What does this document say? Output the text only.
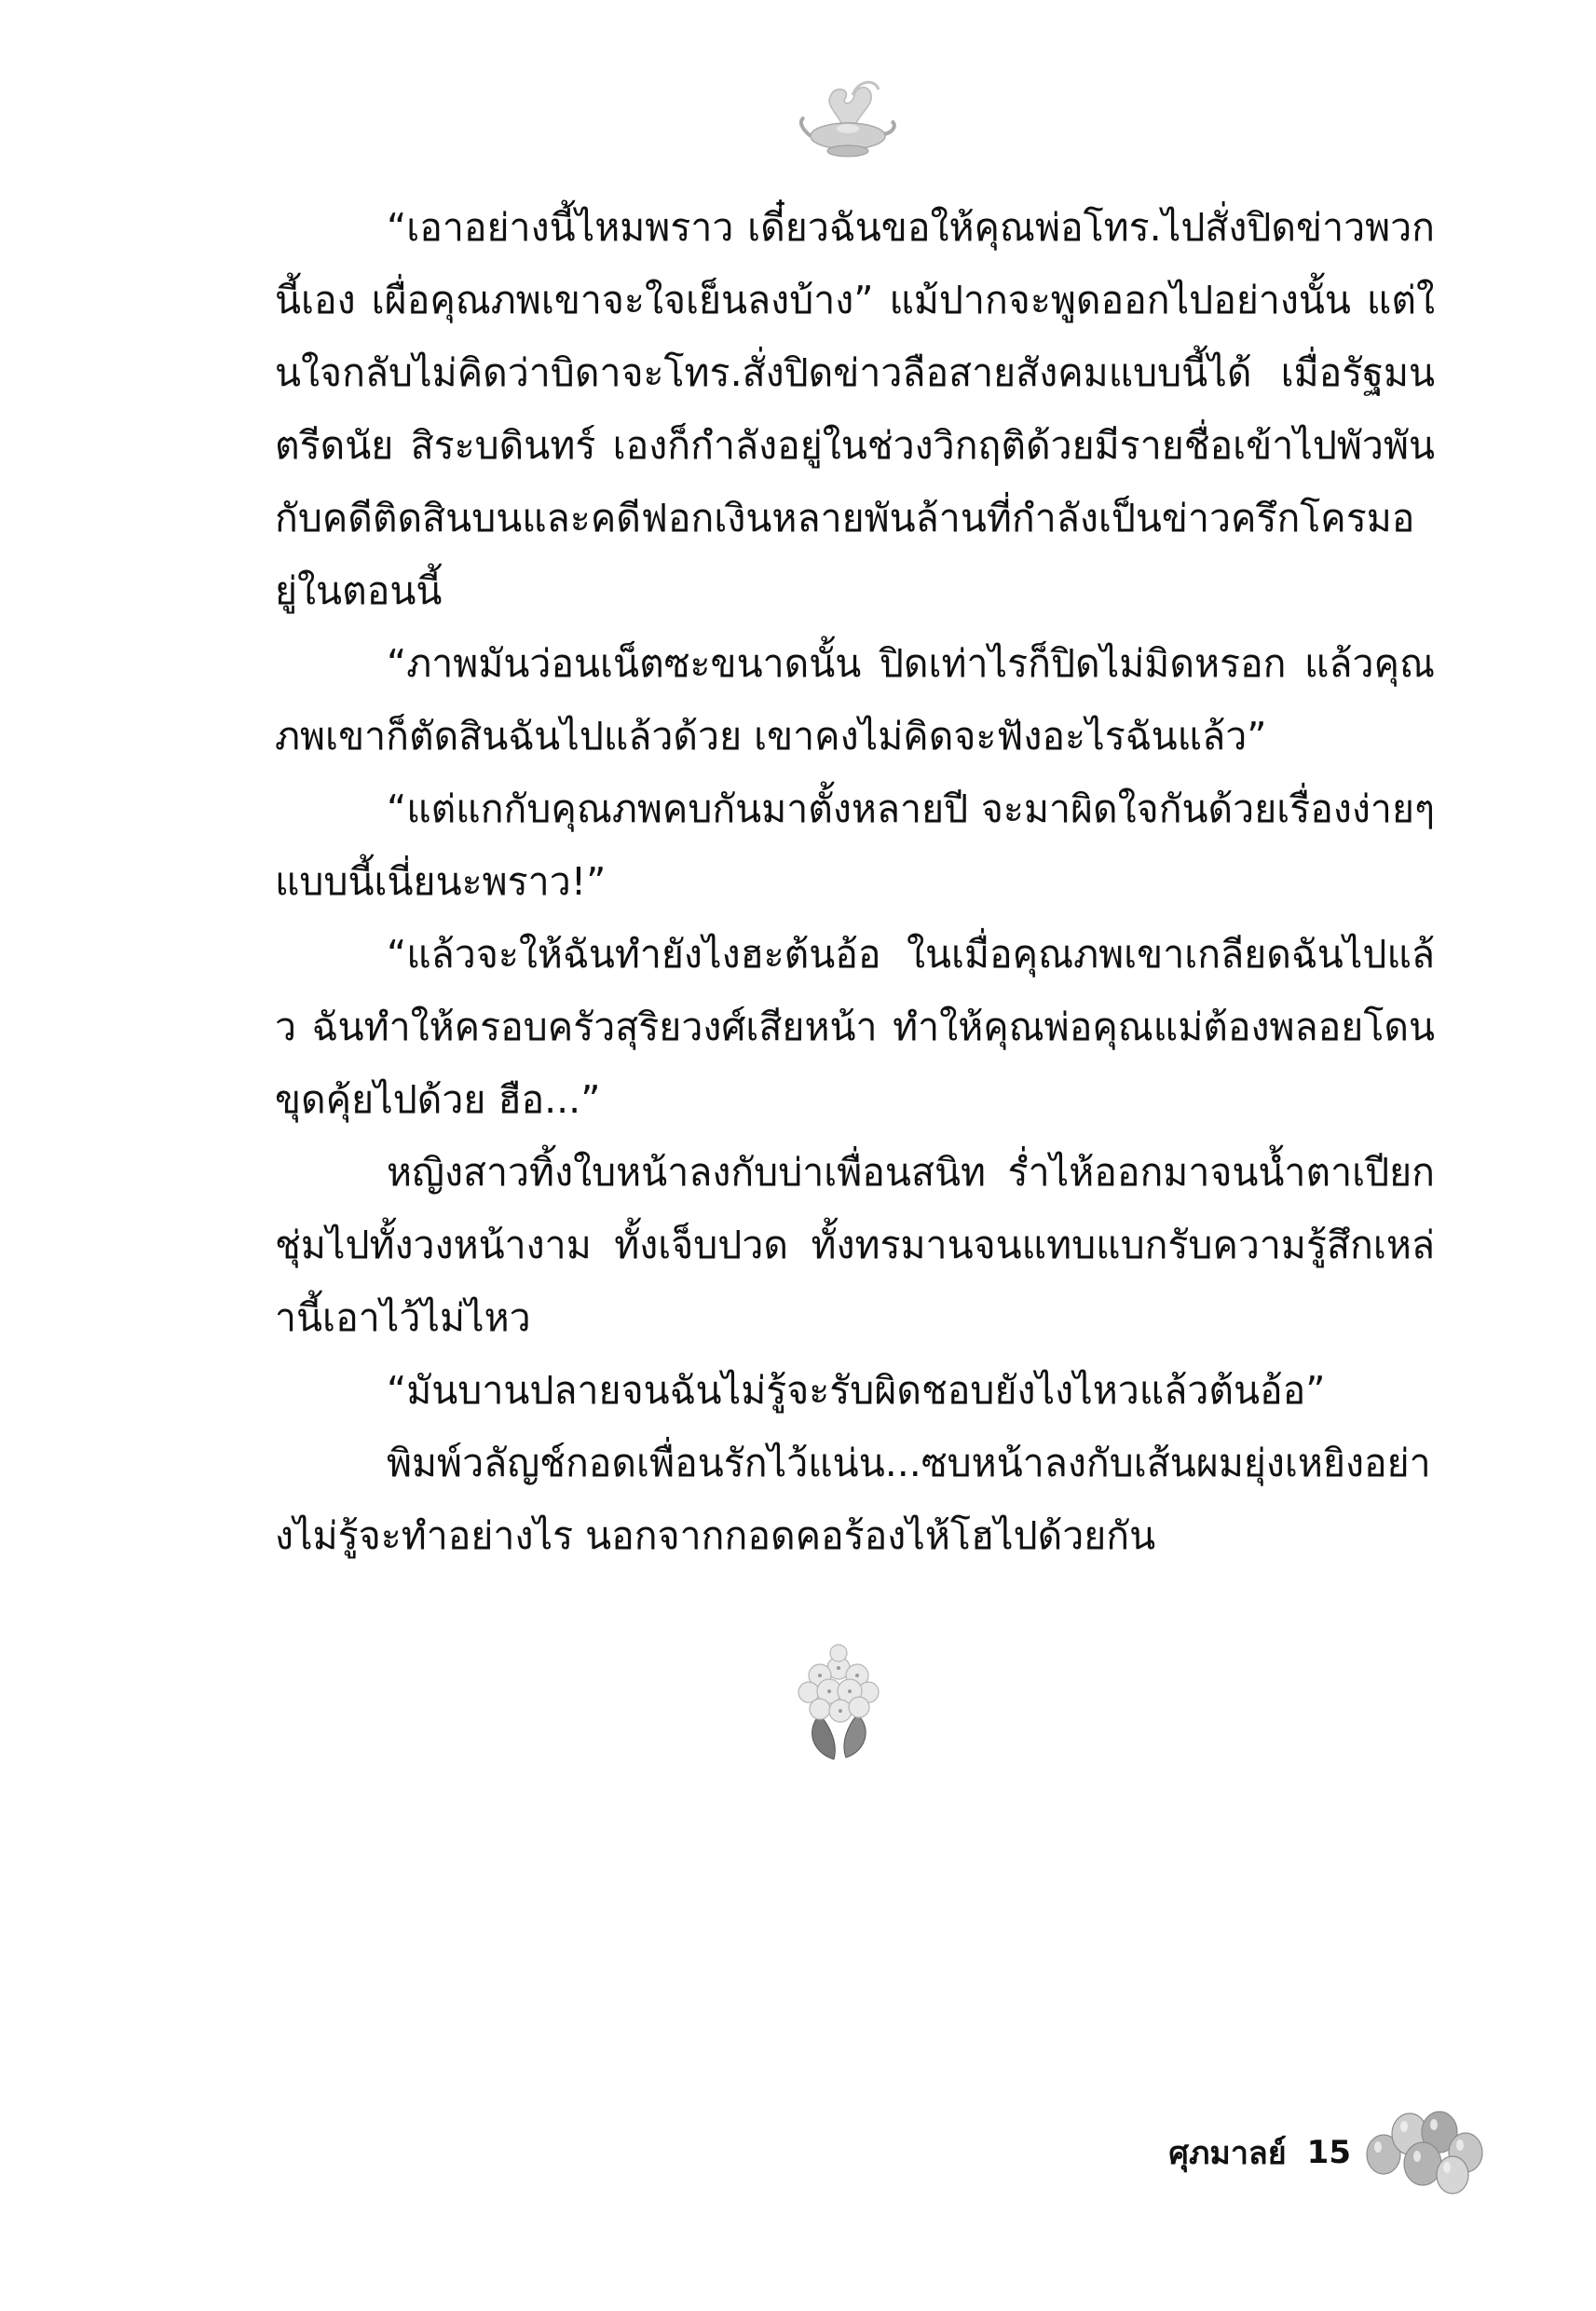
“เอาอย่างนี้ไหมพราว เดี๋ยวฉันขอให้คุณพ่อโทร.ไปสั่งปิดข่าวพวกนี้เอง เผื่อคุณภพเขาจะใจเย็นลงบ้าง” แม้ปากจะพูดออกไปอย่างนั้น แต่ในใจกลับไม่คิดว่าบิดาจะโทร.สั่งปิดข่าวลือสายสังคมแบบนี้ได้ เมื่อรัฐมนตรีดนัย สิระบดินทร์ เองก็กำลังอยู่ในช่วงวิกฤติด้วยมีรายชื่อเข้าไปพัวพันกับคดีติดสินบนและคดีฟอกเงินหลายพันล้านที่กำลังเป็นข่าวครึกโครมอยู่ในตอนนี้

“ภาพมันว่อนเน็ตซะขนาดนั้น ปิดเท่าไรก็ปิดไม่มิดหรอก แล้วคุณภพเขาก็ตัดสินฉันไปแล้วด้วย เขาคงไม่คิดจะฟังอะไรฉันแล้ว”

“แต่แกกับคุณภพคบกันมาตั้งหลายปี จะมาผิดใจกันด้วยเรื่องง่ายๆ แบบนี้เนี่ยนะพราว!”

“แล้วจะให้ฉันทำยังไงฮะต้นอ้อ ในเมื่อคุณภพเขาเกลียดฉันไปแล้ว ฉันทำให้ครอบครัวสุริยวงศ์เสียหน้า ทำให้คุณพ่อคุณแม่ต้องพลอยโดนขุดคุ้ยไปด้วย ฮือ...”

หญิงสาวทิ้งใบหน้าลงกับบ่าเพื่อนสนิท ร่ำไห้ออกมาจนน้ำตาเปียกชุ่มไปทั้งวงหน้างาม ทั้งเจ็บปวด ทั้งทรมานจนแทบแบกรับความรู้สึกเหล่านี้เอาไว้ไม่ไหว

“มันบานปลายจนฉันไม่รู้จะรับผิดชอบยังไงไหวแล้วต้นอ้อ”

พิมพ์วลัญช์กอดเพื่อนรักไว้แน่น...ซบหน้าลงกับเส้นผมยุ่งเหยิงอย่างไม่รู้จะทำอย่างไร นอกจากกอดคอร้องไห้โฮไปด้วยกัน

ศุภมาลย์ 15
